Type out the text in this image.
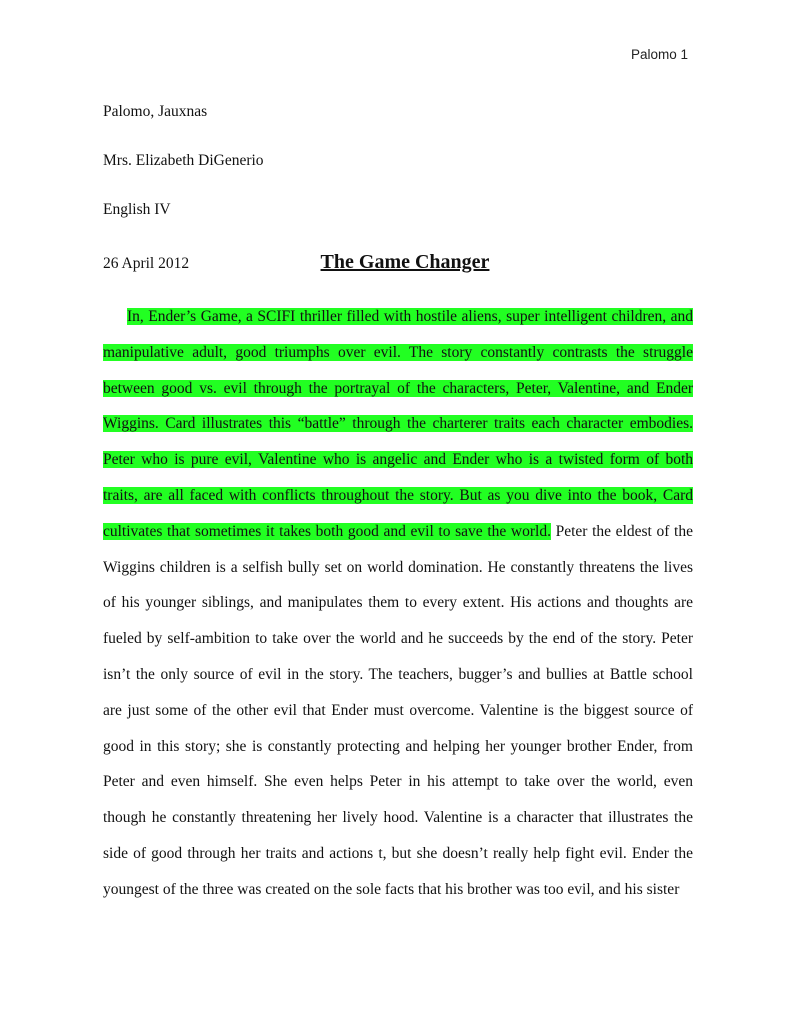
Palomo 1
Palomo, Jauxnas
Mrs. Elizabeth DiGenerio
English IV
26 April 2012	The Game Changer
In, Ender’s Game, a SCIFI thriller filled with hostile aliens, super intelligent children, and
manipulative adult, good triumphs over evil. The story constantly contrasts the struggle
between good vs. evil through the portrayal of the characters, Peter, Valentine, and Ender
Wiggins. Card illustrates this “battle” through the charterer traits each character embodies.
Peter who is pure evil, Valentine who is angelic and Ender who is a twisted form of both
traits, are all faced with conflicts throughout the story. But as you dive into the book, Card
cultivates that sometimes it takes both good and evil to save the world. Peter the eldest of the
Wiggins children is a selfish bully set on world domination. He constantly threatens the lives
of his younger siblings, and manipulates them to every extent. His actions and thoughts are
fueled by self-ambition to take over the world and he succeeds by the end of the story. Peter
isn’t the only source of evil in the story. The teachers, bugger’s and bullies at Battle school
are just some of the other evil that Ender must overcome. Valentine is the biggest source of
good in this story; she is constantly protecting and helping her younger brother Ender, from
Peter and even himself. She even helps Peter in his attempt to take over the world, even
though he constantly threatening her lively hood. Valentine is a character that illustrates the
side of good through her traits and actions t, but she doesn’t really help fight evil. Ender the
youngest of the three was created on the sole facts that his brother was too evil, and his sister
